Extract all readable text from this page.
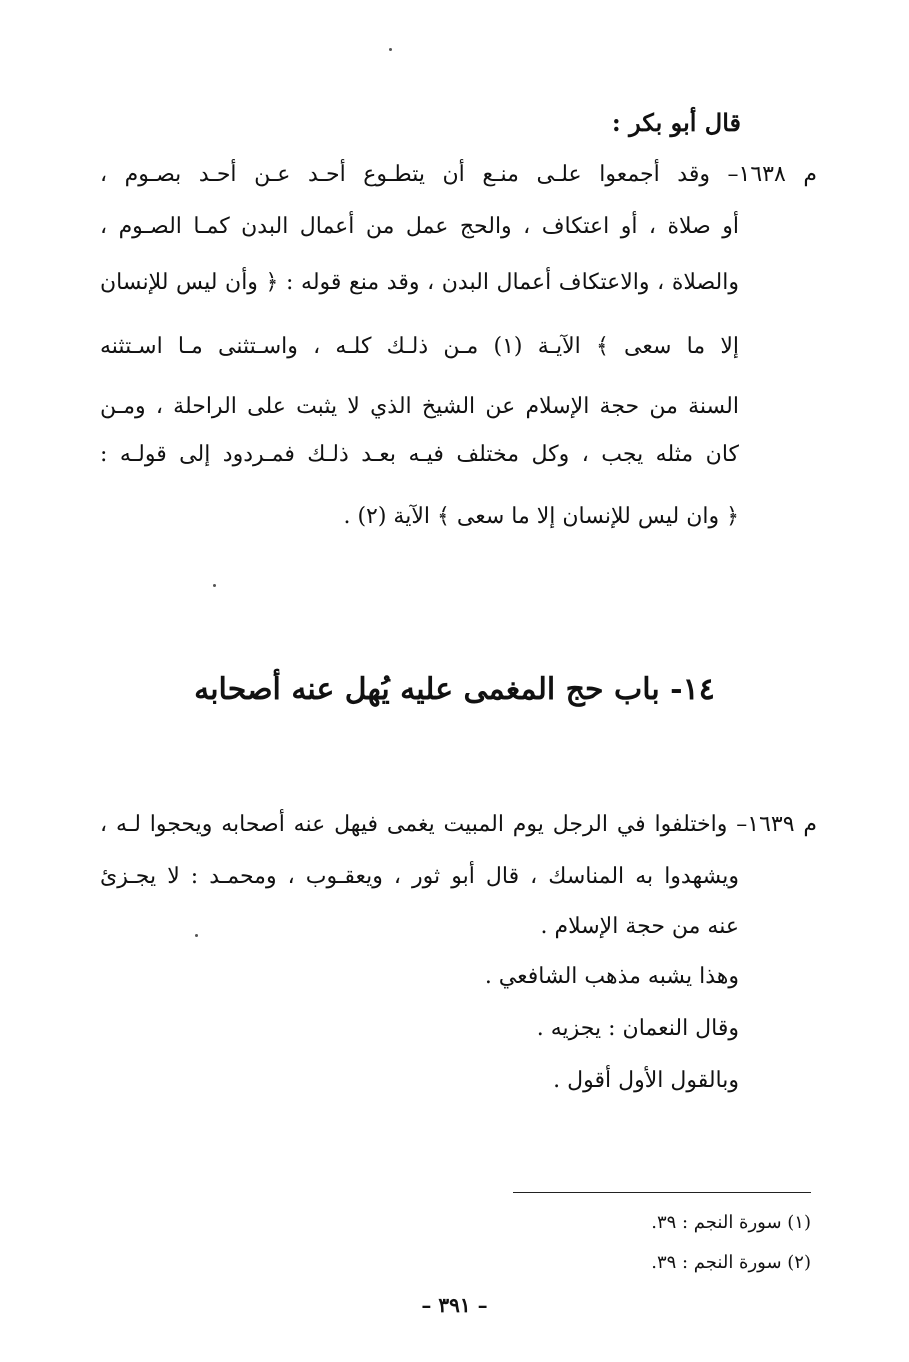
قال أبو بكر :
م ١٦٣٨– وقد أجمعوا علـى منـع أن يتطـوع أحـد عـن أحـد بصـوم ،
أو صلاة ، أو اعتكاف ، والحج عمل من أعمال البدن كمـا الصـوم ،
والصلاة ، والاعتكاف أعمال البدن ، وقد منع قوله : ﴿ وأن ليس للإنسان
إلا ما سعى ﴾ الآيـة (١) مـن ذلـك كلـه ، واسـتثنى مـا اسـتثنه
السنة من حجة الإسلام عن الشيخ الذي لا يثبت على الراحلة ، ومـن
كان مثله يجب ، وكل مختلف فيـه بعـد ذلـك فمـردود إلى قولـه :
﴿ وان ليس للإنسان إلا ما سعى ﴾ الآية (٢) .
١٤- باب حج المغمى عليه يُهل عنه أصحابه
م ١٦٣٩– واختلفوا في الرجل يوم المبيت يغمى فيهل عنه أصحابه ويحجوا لـه ،
ويشهدوا به المناسك ، قال أبو ثور ، ويعقـوب ، ومحمـد : لا يجـزئ
عنه من حجة الإسلام .
وهذا يشبه مذهب الشافعي .
وقال النعمان : يجزيه .
وبالقول الأول أقول .
(١) سورة النجم : ٣٩.
(٢) سورة النجم : ٣٩.
– ٣٩١ –
